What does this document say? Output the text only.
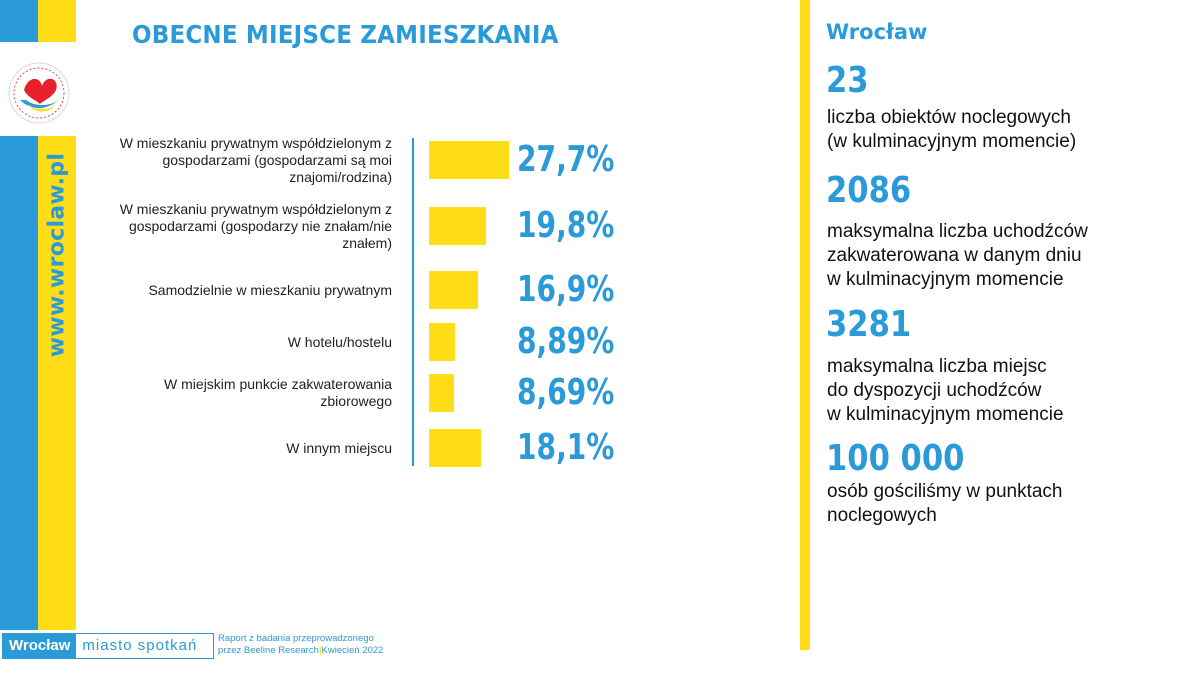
www.wroclaw.pl
OBECNE MIEJSCE ZAMIESZKANIA
W mieszkaniu prywatnym współdzielonym z gospodarzami (gospodarzami są moi znajomi/rodzina)	27,7%
W mieszkaniu prywatnym współdzielonym z gospodarzami (gospodarzy nie znałam/nie znałem)	19,8%
Samodzielnie w mieszkaniu prywatnym	16,9%
W hotelu/hostelu	8,89%
W miejskim punkcie zakwaterowania zbiorowego	8,69%
W innym miejscu	18,1%
Wrocław
23
liczba obiektów noclegowych
(w kulminacyjnym momencie)
2086
maksymalna liczba uchodźców
zakwaterowana w danym dniu
w kulminacyjnym momencie
3281
maksymalna liczba miejsc
do dyspozycji uchodźców
w kulminacyjnym momencie
100 000
osób gościliśmy w punktach
noclegowych
Wrocław miasto spotkań	Raport z badania przeprowadzonego
przez Beeline Research|Kwiecień 2022
